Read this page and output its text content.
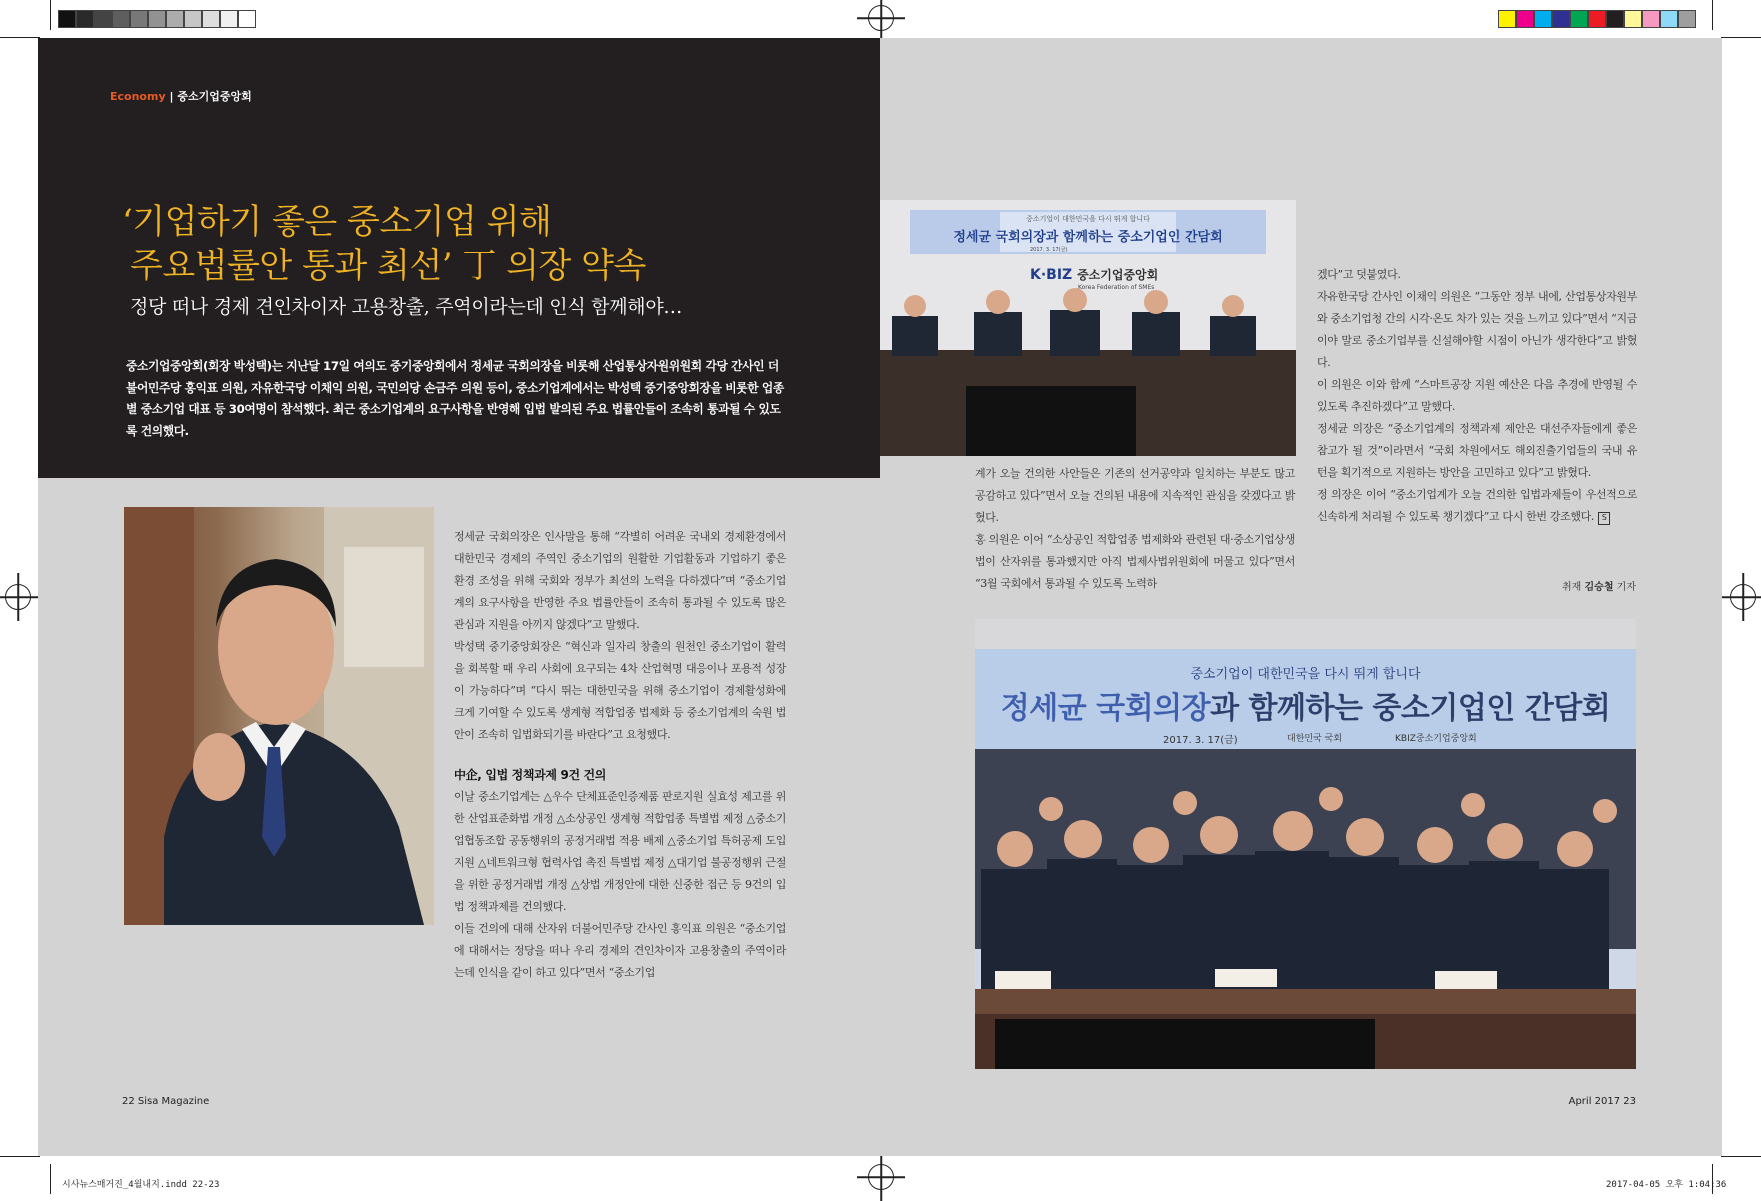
Economy | 중소기업중앙회
‘기업하기 좋은 중소기업 위해
주요법률안 통과 최선’ 丁 의장 약속
정당 떠나 경제 견인차이자 고용창출, 주역이라는데 인식 함께해야…
중소기업중앙회(회장 박성택)는 지난달 17일 여의도 중기중앙회에서 정세균 국회의장을 비롯해 산업통상자원위원회 각당 간사인 더불어민주당 홍익표 의원, 자유한국당 이채익 의원, 국민의당 손금주 의원 등이, 중소기업계에서는 박성택 중기중앙회장을 비롯한 업종별 중소기업 대표 등 30여명이 참석했다. 최근 중소기업계의 요구사항을 반영해 입법 발의된 주요 법률안들이 조속히 통과될 수 있도록 건의했다.

정세균 국회의장은 인사말을 통해 “각별히 어려운 국내외 경제환경에서 대한민국 경제의 주역인 중소기업의 원활한 기업활동과 기업하기 좋은 환경 조성을 위해 국회와 정부가 최선의 노력을 다하겠다”며 “중소기업계의 요구사항을 반영한 주요 법률안들이 조속히 통과될 수 있도록 많은 관심과 지원을 아끼지 않겠다”고 말했다.

박성택 중기중앙회장은 “혁신과 일자리 창출의 원천인 중소기업이 활력을 회복할 때 우리 사회에 요구되는 4차 산업혁명 대응이나 포용적 성장이 가능하다”며 “다시 뛰는 대한민국을 위해 중소기업이 경제활성화에 크게 기여할 수 있도록 생계형 적합업종 법제화 등 중소기업계의 숙원 법안이 조속히 입법화되기를 바란다”고 요청했다.

中企, 입법 정책과제 9건 건의

이날 중소기업계는 △우수 단체표준인증제품 판로지원 실효성 제고를 위한 산업표준화법 개정 △소상공인 생계형 적합업종 특별법 제정 △중소기업협동조합 공동행위의 공정거래법 적용 배제 △중소기업 특허공제 도입 지원 △네트워크형 협력사업 촉진 특별법 제정 △대기업 불공정행위 근절을 위한 공정거래법 개정 △상법 개정안에 대한 신중한 접근 등 9건의 입법 정책과제를 건의했다.

이들 건의에 대해 산자위 더불어민주당 간사인 홍익표 의원은 “중소기업에 대해서는 정당을 떠나 우리 경제의 견인차이자 고용창출의 주역이라는데 인식을 같이 하고 있다”면서 “중소기업

22 Sisa Magazine
중소기업이 대한민국을 다시 뛰게 합니다
정세균 국회의장과 함께하는 중소기업인 간담회
2017. 3. 17(금)
K·BIZ 중소기업중앙회
Korea Federation of SMEs

계가 오늘 건의한 사안들은 기존의 선거공약과 일치하는 부분도 많고 공감하고 있다”면서 오늘 건의된 내용에 지속적인 관심을 갖겠다고 밝혔다.

홍 의원은 이어 “소상공인 적합업종 법제화와 관련된 대·중소기업상생법이 산자위를 통과했지만 아직 법제사법위원회에 머물고 있다”면서 “3월 국회에서 통과될 수 있도록 노력하

겠다”고 덧붙였다.

자유한국당 간사인 이채익 의원은 “그동안 정부 내에, 산업통상자원부와 중소기업청 간의 시각·온도 차가 있는 것을 느끼고 있다”면서 “지금이야 말로 중소기업부를 신설해야할 시점이 아닌가 생각한다”고 밝혔다.

이 의원은 이와 함께 “스마트공장 지원 예산은 다음 추경에 반영될 수 있도록 추진하겠다”고 말했다.

정세균 의장은 “중소기업계의 정책과제 제안은 대선주자들에게 좋은 참고가 될 것”이라면서 “국회 차원에서도 해외진출기업들의 국내 유턴을 획기적으로 지원하는 방안을 고민하고 있다”고 밝혔다.

정 의장은 이어 “중소기업계가 오늘 건의한 입법과제들이 우선적으로 신속하게 처리될 수 있도록 챙기겠다”고 다시 한번 강조했다. S

취재 김승철 기자
중소기업이 대한민국을 다시 뛰게 합니다
정세균 국회의장과 함께하는 중소기업인 간담회
2017. 3. 17(금)	대한민국 국회	KBIZ중소기업중앙회
April 2017 23
시사뉴스매거진_4월내지.indd 22-23	2017-04-05 오후 1:04:36
